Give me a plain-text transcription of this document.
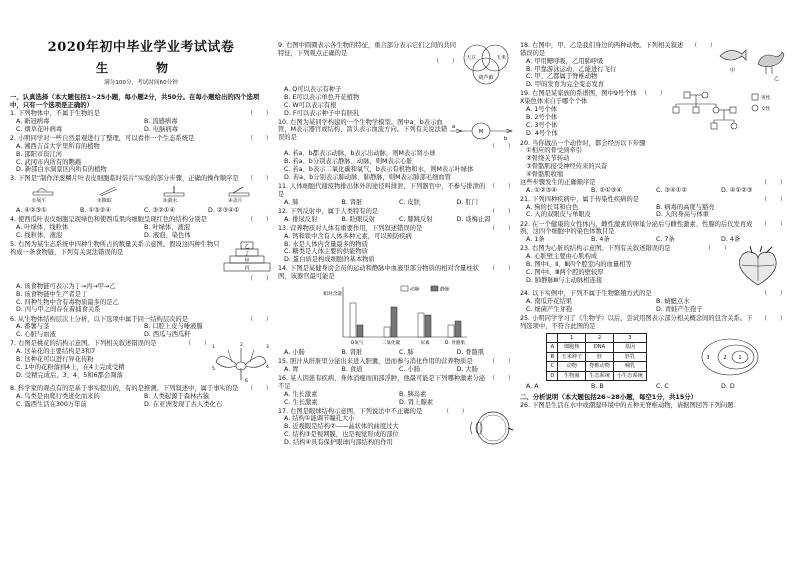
2020年初中毕业学业考试试卷
生　物
满分100分，考试时间60分钟
一、认真选择（本大题包括1~25小题，每小题2分，共50分。在每小题给出的四个选项中，只有一个选项是正确的）
1. 下列物体中，不属于生物的是	（　　）
A. 新冠病毒	B. 流感病毒
C. 烟草花叶病毒	D. 电脑病毒
2. 小明同学对一些自然景观进行了整理，可以看作一个生态系统是	（　　）
A. 湘西吉首大学里所有的植物
B. 邵阳市资江河
C. 武冈市内所有的鹦鹉
D. 新邵白水洞景区内所有的植物
3. 下图是“制作洋葱鳞片叶表皮细胞临时装片”实验的部分步骤，正确的操作顺序是	（　　）
①展平	②撕取	③滴水	④盖片
A. ④②③①	B. ①③②④	C. ③②①④	D. ②③④①
4. 使西瓜叶表皮细胞呈现绿色和使西瓜果肉细胞呈现红色的结构分别是	（　　）
A. 叶绿体、线粒体	B. 叶绿体、液泡
C. 线粒体、液泡	D. 液泡、染色体
5. 右图为某生态系统中四种生物所占的数量关系示意图。假设这四种生物只构成一条食物链，下列有关说法错误的是
乙
丁
甲
丙
（　　）
A. 该食物链可表示为丁→丙→甲→乙
B. 该食物链中生产者是丁
C. 四种生物中含有毒物质最多的是乙
D. 丙与甲之间存在着捕食关系
6. 从生物体结构层次上分析，以下选项中属于同一结构层次的是	（　　）
A. 番薯与茎	B. 口腔上皮与唾液腺
C. 心脏与血液	D. 西瓜与西瓜籽
7. 右图是桃花的结构示意图。下列相关叙述错误的是	（　　）
A. 这朵花的主要结构是3和7
B. 这种花可以进行异花传粉
C. 1中的花粉落到4上，在4上完成受精
D. 受精完成后，3、4、5和6都会凋落
1	2	3
4
5
6
8. 科学家的观点有的是基于事实提出的，有的是推测。下列叙述中，属于事实的是	（　　）
A. 鸟类是由爬行类进化而来的	B. 人类起源于森林古猿
C. 露西生活在300万年前	D. 在亚洲发现了古人类化石
9. 右图中圆圈表示各生物的特征，重合部分表示它们之间的共同特征，下列观点正确的是
（　　） 大豆	玉米
葫芦藓
A. Q可以表示有种子
B. E可以表示单色开花植物
C. W可以表示有根
D. F可以表示种子中有胚乳
10. 右图为某同学构建的一个生物学模型。图中a、b表示血管，M表示器官或结构，箭头表示血流方向。下列有关说法错误的是
a
M
b
（　　）
A. 若a、b都表示动脉，b表示出动脉，则M表示肾小球
B. 若a、b分别表示静脉、动脉，则M表示心脏
C. 若a、b表示二氧化碳和氧气，b表示有机物和水，则M表示叶绿体
D. 若a、b分别表示肺动脉、肺静脉，则M表示肺部毛细血管
11. 人体细胞代谢废物排出体外的途径叫排泄，下列器官中，不参与排泄的是
（　　）
A. 肺	B. 肾脏	C. 皮肤	D. 肛门
12. 下列反射中，属于人类特有的是	（　　）
A. 排尿反射	B. 眨眼反射	C. 膝跳反射	D. 谈梅止渴
13. 营养物质对人体有重要作用，下列叙述错误的是	（　　）
A. 钙和铁中含有人体多种元素，可以预防疾病
B. 水是人体内含量最多的物质
C. 糖类是人体主要的供能物质
D. 蛋白质是构成细胞的基本物质
14. 下图是某健身房会员的运动和静脉中血液里部分物质的相对含量柱状图，该器官最可能是
（　　）
相对含量
动脉	静脉
O氧气	二氧化碳	尿素	D. 骨骼肌
A. 小肠	B. 肾脏	C. 肺	D. 骨骼肌
15. 胆汁从肝脏里分泌出来进入胆囊，进而参与消化作用的营养物质是	（　　）
A. 胃	B. 食道	C. 小肠	D. 大肠
16. 某人因患有疾病，身体消瘦而面部浮肿，他最可能是下列哪种激素分泌不足
（　　）
A. 生长激素	B. 胰岛素
C. 生长激素	D. 肾上腺素
17. 右图是眼球结构示意图，下列说法中不正确的是	（　　）
A. 结构①能调节瞳孔大小
B. 近视眼是结构②——晶状体的曲度过大
C. 结构③是视网膜，也是视觉形成的部位
D. 结构④具有保护眼球内部结构的作用
18. 右图中，甲、乙是我们身边的两种动物。下列相关叙述错误的是
（　　）
A. 甲用鳃呼吸，乙用肺呼吸
B. 甲靠游泳运动，乙能进行飞行
C. 甲、乙都属于脊椎动物
D. 甲的发育为完全变态发育
甲
乙
19. 右图是某家族的系谱图，图中9号个体X染色体来自于哪个个体
（　　）
A. 1号个体
B. 2号个体
C. 3号个体
D. 4号个体
男性
女性
20. 当你做出一个动作时，都会经历以下步骤
①相应的骨受到牵引
②骨绕关节转动
③骨骼肌接受神经传来的兴奋
④骨骼肌收缩
这些步骤发生的正确顺序是	（　　）
A. ①②③④	B. ②①③④	C. ③④①②	D. ④①②③
21. 下列四种疾病中，属于传染性疾病的是	（　　）
A. 狗的长耳和白色	B. 病毒的高度与豁亮
C. 人的双眼皮与单眼皮	D. 人的身高与体重
22. 在一个健康的女性体内，雌性激素的卵巢分泌后与雌性激素、性腺的后代发育成熟，这四个细胞中的染色体数目是
（　　）
A. 1条	B. 4条	C. 7条	D. 4条
23. 右图为心脏的结构示意图。下列有关叙述错误的是	（　　）
A. 心脏壁主要由心肌构成
B. 图中Ⅰ、Ⅱ、Ⅲ四个腔室内的血量相等
C. 图中Ⅰ、Ⅲ两个腔的壁较厚
D. 肺静脉Ⅲ与主动脉相连接
24. 以下实例中，下列不属于生物繁殖方式的是	（　　）
A. 南瓜开花结果	B. 蜻蜓点水
C. 细菌产生芽孢	D. 青蛙产生孢子
25. 小明同学学习了《生物学》以后，尝试用图表示部分相关概念间的包含关系。下列选项中，不符合此图的是
（　　）
	1	2	3
A	细胞核	DNA	基因
B	玉米种子	胚	胚乳
C	动物	脊椎动物	哺乳
D	生物圈	生态系统	小生态系统
1
2
3
A. A	B. B	C. C	D. D
二、分析说明（本大题包括26~28小题，每空1分，共15分）
26. 下图是生活在水中或潮湿环境中的五种无脊椎动物，请据图回答下列问题：
